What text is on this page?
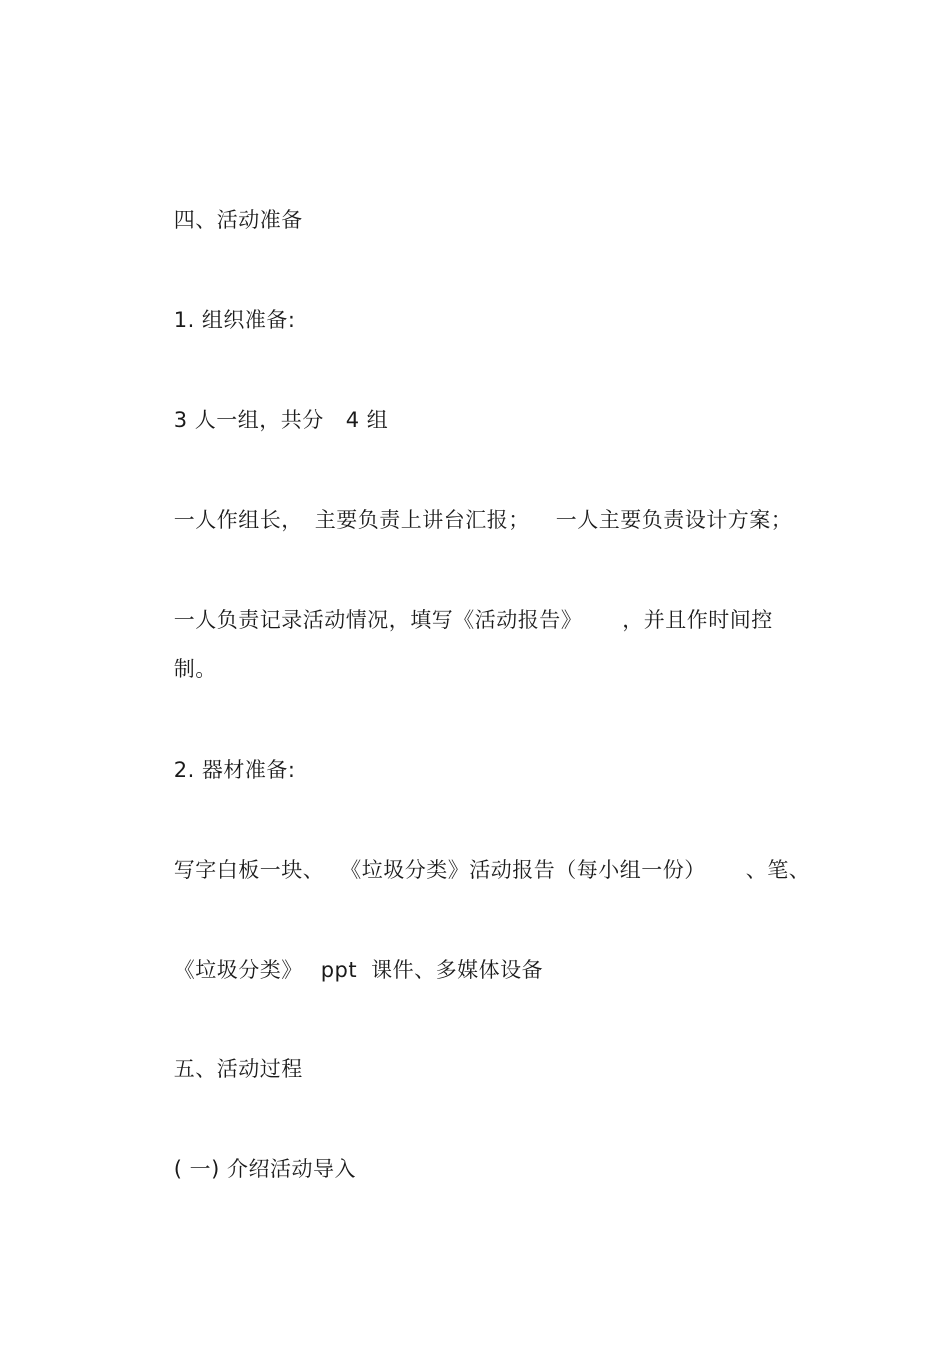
四、活动准备

1. 组织准备:

3 人一组，共分 4 组

一人作组长， 主要负责上讲台汇报； 一人主要负责设计方案；

一人负责记录活动情况，填写《活动报告》 ，并且作时间控

制。

2. 器材准备:

写字白板一块、 《垃圾分类》活动报告（每小组一份） 、笔、

《垃圾分类》 ppt 课件、多媒体设备

五、活动过程

( 一) 介绍活动导入
